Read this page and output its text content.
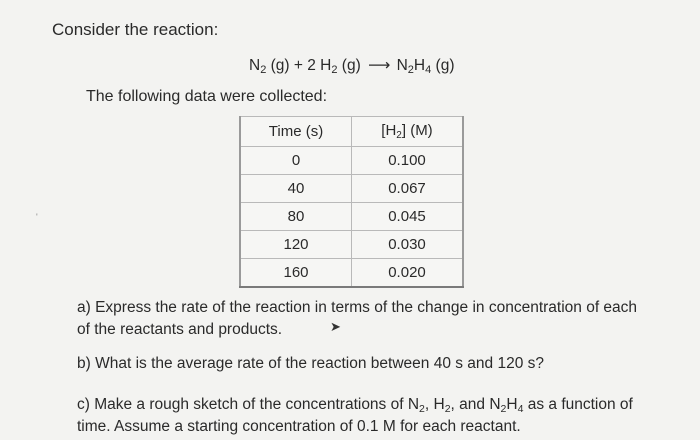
Consider the reaction:
$N_2$ (g) + 2 $H_2$ (g) ⟶ $N_2H_4$ (g)
The following data were collected:
Time (s)	$[H_2]$ (M)
0	0.100
40	0.067
80	0.045
120	0.030
160	0.020
a) Express the rate of the reaction in terms of the change in concentration of each
of the reactants and products.	➤
b) What is the average rate of the reaction between 40 s and 120 s?
c) Make a rough sketch of the concentrations of $N_2$, $H_2$, and $N_2H_4$ as a function of
time. Assume a starting concentration of 0.1 M for each reactant.
'
